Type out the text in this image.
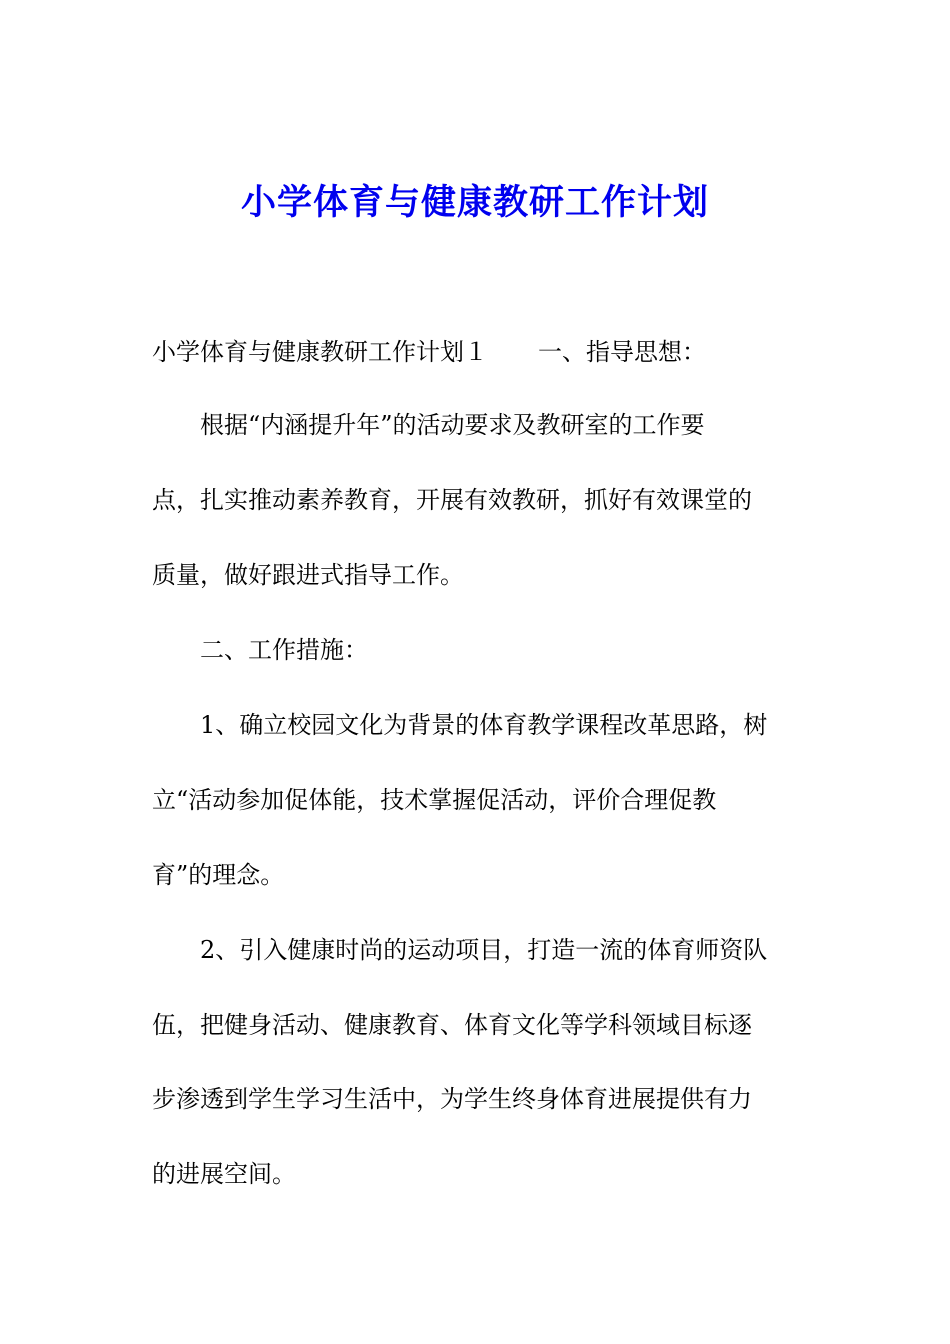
小学体育与健康教研工作计划

小学体育与健康教研工作计划１ 一、指导思想：

根据“内涵提升年”的活动要求及教研室的工作要

点，扎实推动素养教育，开展有效教研，抓好有效课堂的

质量，做好跟进式指导工作。

二、工作措施：

1、确立校园文化为背景的体育教学课程改革思路，树

立“活动参加促体能，技术掌握促活动，评价合理促教

育”的理念。

2、引入健康时尚的运动项目，打造一流的体育师资队

伍，把健身活动、健康教育、体育文化等学科领域目标逐

步渗透到学生学习生活中，为学生终身体育进展提供有力

的进展空间。
